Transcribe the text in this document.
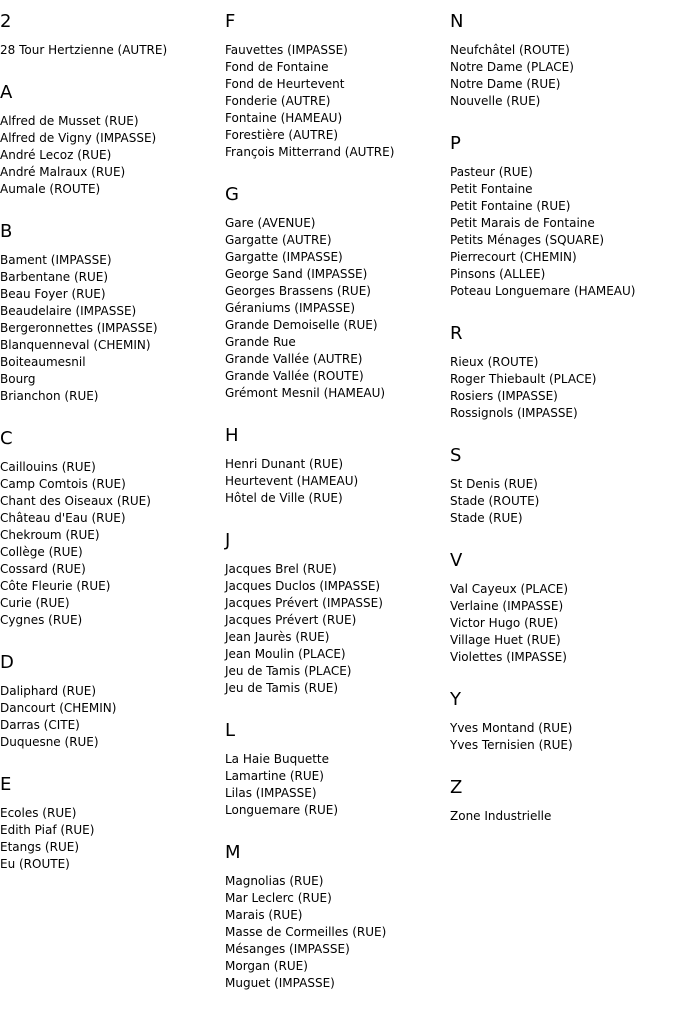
2
28 Tour Hertzienne (AUTRE)
A
Alfred de Musset (RUE)
Alfred de Vigny (IMPASSE)
André Lecoz (RUE)
André Malraux (RUE)
Aumale (ROUTE)
B
Bament (IMPASSE)
Barbentane (RUE)
Beau Foyer (RUE)
Beaudelaire (IMPASSE)
Bergeronnettes (IMPASSE)
Blanquenneval (CHEMIN)
Boiteaumesnil
Bourg
Brianchon (RUE)
C
Caillouins (RUE)
Camp Comtois (RUE)
Chant des Oiseaux (RUE)
Château d'Eau (RUE)
Chekroum (RUE)
Collège (RUE)
Cossard (RUE)
Côte Fleurie (RUE)
Curie (RUE)
Cygnes (RUE)
D
Daliphard (RUE)
Dancourt (CHEMIN)
Darras (CITE)
Duquesne (RUE)
E
Ecoles (RUE)
Edith Piaf (RUE)
Etangs (RUE)
Eu (ROUTE)
F
Fauvettes (IMPASSE)
Fond de Fontaine
Fond de Heurtevent
Fonderie (AUTRE)
Fontaine (HAMEAU)
Forestière (AUTRE)
François Mitterrand (AUTRE)
G
Gare (AVENUE)
Gargatte (AUTRE)
Gargatte (IMPASSE)
George Sand (IMPASSE)
Georges Brassens (RUE)
Géraniums (IMPASSE)
Grande Demoiselle (RUE)
Grande Rue
Grande Vallée (AUTRE)
Grande Vallée (ROUTE)
Grémont Mesnil (HAMEAU)
H
Henri Dunant (RUE)
Heurtevent (HAMEAU)
Hôtel de Ville (RUE)
J
Jacques Brel (RUE)
Jacques Duclos (IMPASSE)
Jacques Prévert (IMPASSE)
Jacques Prévert (RUE)
Jean Jaurès (RUE)
Jean Moulin (PLACE)
Jeu de Tamis (PLACE)
Jeu de Tamis (RUE)
L
La Haie Buquette
Lamartine (RUE)
Lilas (IMPASSE)
Longuemare (RUE)
M
Magnolias (RUE)
Mar Leclerc (RUE)
Marais (RUE)
Masse de Cormeilles (RUE)
Mésanges (IMPASSE)
Morgan (RUE)
Muguet (IMPASSE)
N
Neufchâtel (ROUTE)
Notre Dame (PLACE)
Notre Dame (RUE)
Nouvelle (RUE)
P
Pasteur (RUE)
Petit Fontaine
Petit Fontaine (RUE)
Petit Marais de Fontaine
Petits Ménages (SQUARE)
Pierrecourt (CHEMIN)
Pinsons (ALLEE)
Poteau Longuemare (HAMEAU)
R
Rieux (ROUTE)
Roger Thiebault (PLACE)
Rosiers (IMPASSE)
Rossignols (IMPASSE)
S
St Denis (RUE)
Stade (ROUTE)
Stade (RUE)
V
Val Cayeux (PLACE)
Verlaine (IMPASSE)
Victor Hugo (RUE)
Village Huet (RUE)
Violettes (IMPASSE)
Y
Yves Montand (RUE)
Yves Ternisien (RUE)
Z
Zone Industrielle
